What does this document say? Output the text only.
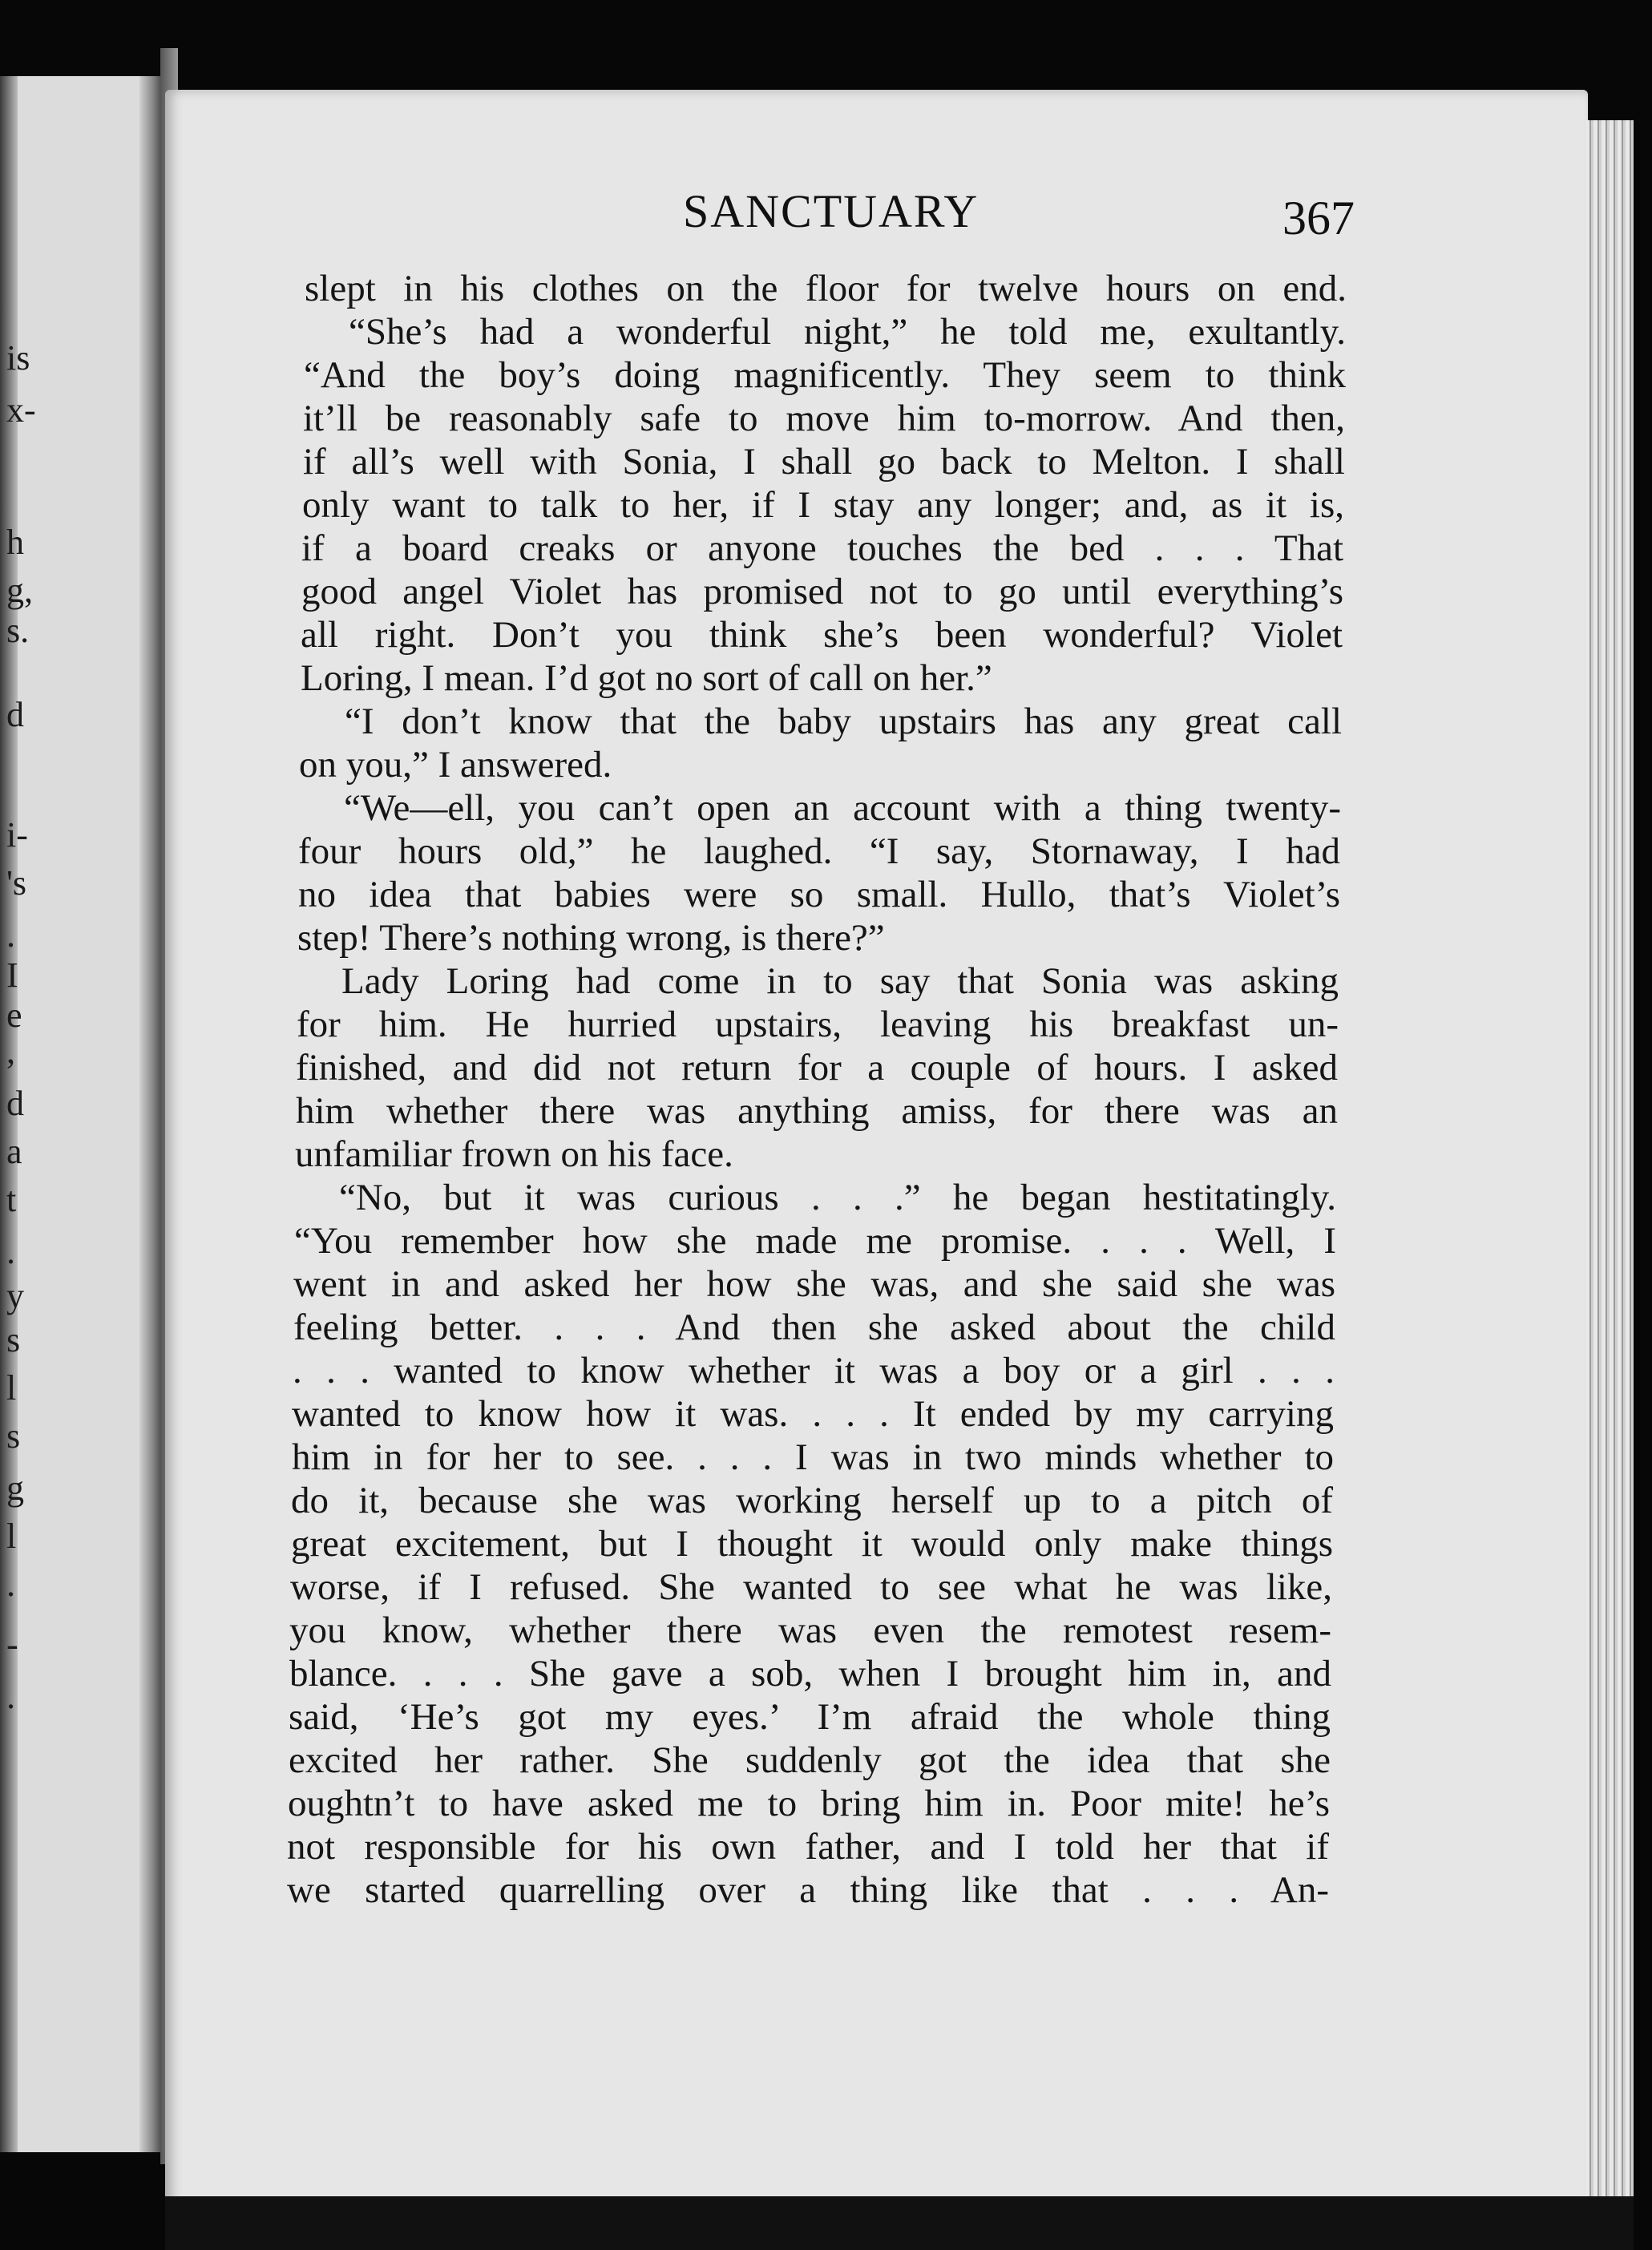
is
x-
h
g,
s.
d
i-
's
.
I
e
,
d
a
t
.
y
s
l
s
g
l
.
-
.
SANCTUARY	367
slept in his clothes on the floor for twelve hours on end.
“She’s had a wonderful night,” he told me, exultantly.
“And the boy’s doing magnificently. They seem to think
it’ll be reasonably safe to move him to-morrow. And then,
if all’s well with Sonia, I shall go back to Melton. I shall
only want to talk to her, if I stay any longer; and, as it is,
if a board creaks or anyone touches the bed . . . That
good angel Violet has promised not to go until everything’s
all right. Don’t you think she’s been wonderful? Violet
Loring, I mean. I’d got no sort of call on her.”
“I don’t know that the baby upstairs has any great call
on you,” I answered.
“We—ell, you can’t open an account with a thing twenty-
four hours old,” he laughed. “I say, Stornaway, I had
no idea that babies were so small. Hullo, that’s Violet’s
step! There’s nothing wrong, is there?”
Lady Loring had come in to say that Sonia was asking
for him. He hurried upstairs, leaving his breakfast un-
finished, and did not return for a couple of hours. I asked
him whether there was anything amiss, for there was an
unfamiliar frown on his face.
“No, but it was curious . . .” he began hestitatingly.
“You remember how she made me promise. . . . Well, I
went in and asked her how she was, and she said she was
feeling better. . . . And then she asked about the child
. . . wanted to know whether it was a boy or a girl . . .
wanted to know how it was. . . . It ended by my carrying
him in for her to see. . . . I was in two minds whether to
do it, because she was working herself up to a pitch of
great excitement, but I thought it would only make things
worse, if I refused. She wanted to see what he was like,
you know, whether there was even the remotest resem-
blance. . . . She gave a sob, when I brought him in, and
said, ‘He’s got my eyes.’ I’m afraid the whole thing
excited her rather. She suddenly got the idea that she
oughtn’t to have asked me to bring him in. Poor mite! he’s
not responsible for his own father, and I told her that if
we started quarrelling over a thing like that . . . An-
